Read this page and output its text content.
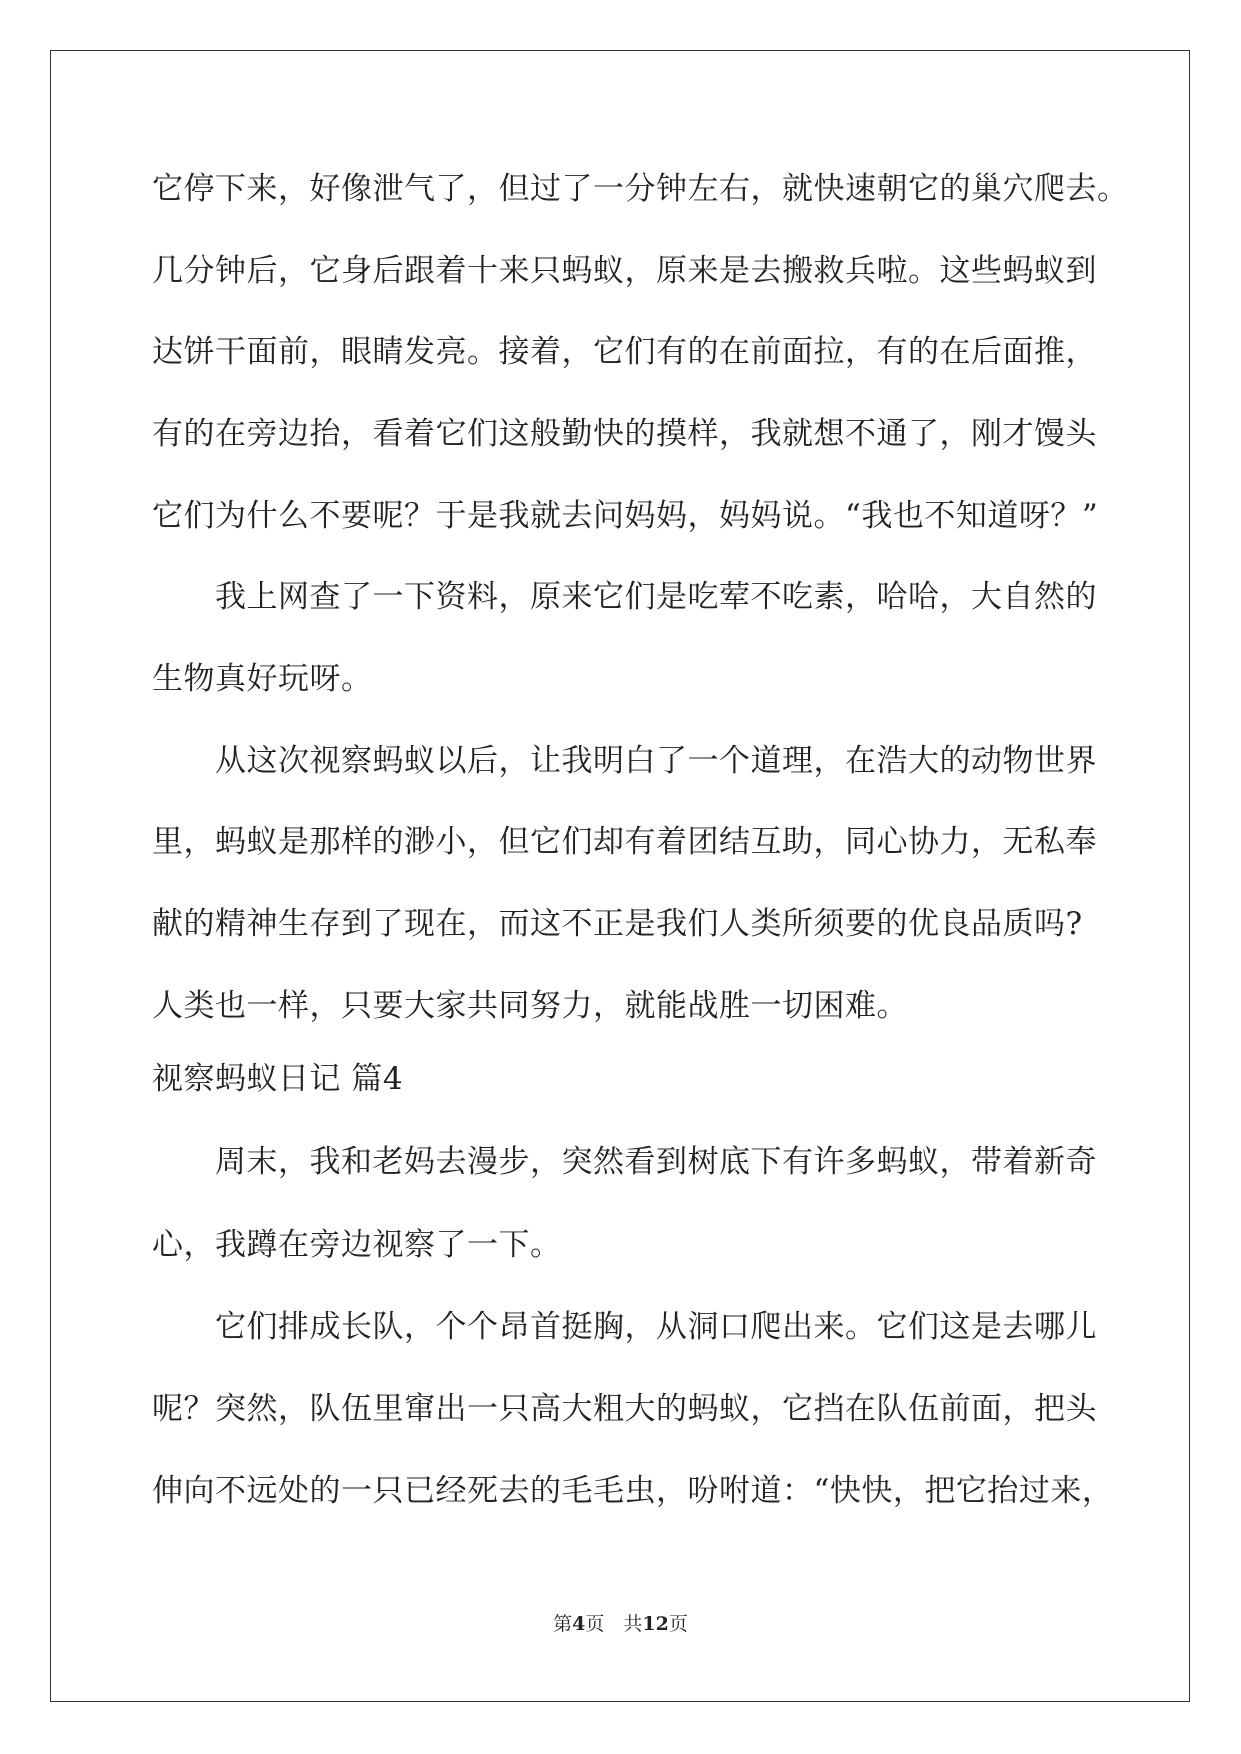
它停下来，好像泄气了，但过了一分钟左右，就快速朝它的巢穴爬去。
几分钟后，它身后跟着十来只蚂蚁，原来是去搬救兵啦。这些蚂蚁到
达饼干面前，眼睛发亮。接着，它们有的在前面拉，有的在后面推，
有的在旁边抬，看着它们这般勤快的摸样，我就想不通了，刚才馒头
它们为什么不要呢？于是我就去问妈妈，妈妈说。“我也不知道呀？”
　　我上网查了一下资料，原来它们是吃荤不吃素，哈哈，大自然的
生物真好玩呀。
　　从这次视察蚂蚁以后，让我明白了一个道理，在浩大的动物世界
里，蚂蚁是那样的渺小，但它们却有着团结互助，同心协力，无私奉
献的精神生存到了现在，而这不正是我们人类所须要的优良品质吗?
人类也一样，只要大家共同努力，就能战胜一切困难。
视察蚂蚁日记 篇4
　　周末，我和老妈去漫步，突然看到树底下有许多蚂蚁，带着新奇
心，我蹲在旁边视察了一下。
　　它们排成长队，个个昂首挺胸，从洞口爬出来。它们这是去哪儿
呢？突然，队伍里窜出一只高大粗大的蚂蚁，它挡在队伍前面，把头
伸向不远处的一只已经死去的毛毛虫，吩咐道：“快快，把它抬过来，
第4页　共12页
